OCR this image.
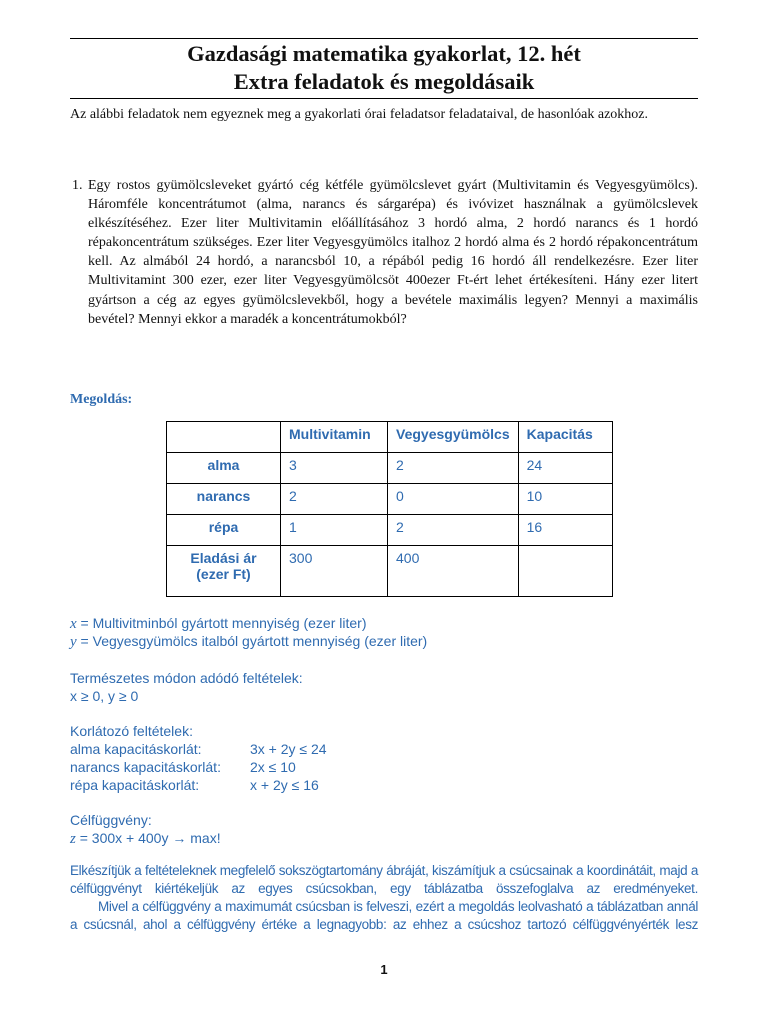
Gazdasági matematika gyakorlat, 12. hét
Extra feladatok és megoldásaik
Az alábbi feladatok nem egyeznek meg a gyakorlati órai feladatsor feladataival, de hasonlóak azokhoz.
1. Egy rostos gyümölcsleveket gyártó cég kétféle gyümölcslevet gyárt (Multivitamin és Vegyesgyümölcs). Háromféle koncentrátumot (alma, narancs és sárgarépa) és ivóvizet használnak a gyümölcslevek elkészítéséhez. Ezer liter Multivitamin előállításához 3 hordó alma, 2 hordó narancs és 1 hordó répakoncentrátum szükséges. Ezer liter Vegyesgyümölcs italhoz 2 hordó alma és 2 hordó répakoncentrátum kell. Az almából 24 hordó, a narancsból 10, a répából pedig 16 hordó áll rendelkezésre. Ezer liter Multivitamint 300 ezer, ezer liter Vegyesgyümölcsöt 400ezer Ft-ért lehet értékesíteni. Hány ezer litert gyártson a cég az egyes gyümölcslevekből, hogy a bevétele maximális legyen? Mennyi a maximális bevétel? Mennyi ekkor a maradék a koncentrátumokból?
Megoldás:
	Multivitamin	Vegyesgyümölcs	Kapacitás
alma	3	2	24
narancs	2	0	10
répa	1	2	16

Eladási ár
(ezer Ft)	300	400	
x = Multivitminból gyártott mennyiség (ezer liter)
y = Vegyesgyümölcs italból gyártott mennyiség (ezer liter)
Természetes módon adódó feltételek:
x ≥ 0, y ≥ 0
Korlátozó feltételek:
alma kapacitáskorlát:	3x + 2y ≤ 24
narancs kapacitáskorlát: 2x ≤ 10
répa kapacitáskorlát:	x + 2y ≤ 16
Célfüggvény:
z = 300x + 400y → max!

Elkészítjük a feltételeknek megfelelő sokszögtartomány ábráját, kiszámítjuk a csúcsainak a koordinátáit, majd a célfüggvényt kiértékeljük az egyes csúcsokban, egy táblázatba összefoglalva az eredményeket.

Mivel a célfüggvény a maximumát csúcsban is felveszi, ezért a megoldás leolvasható a táblázatban annál a csúcsnál, ahol a célfüggvény értéke a legnagyobb: az ehhez a csúcshoz tartozó célfüggvényérték lesz

1
